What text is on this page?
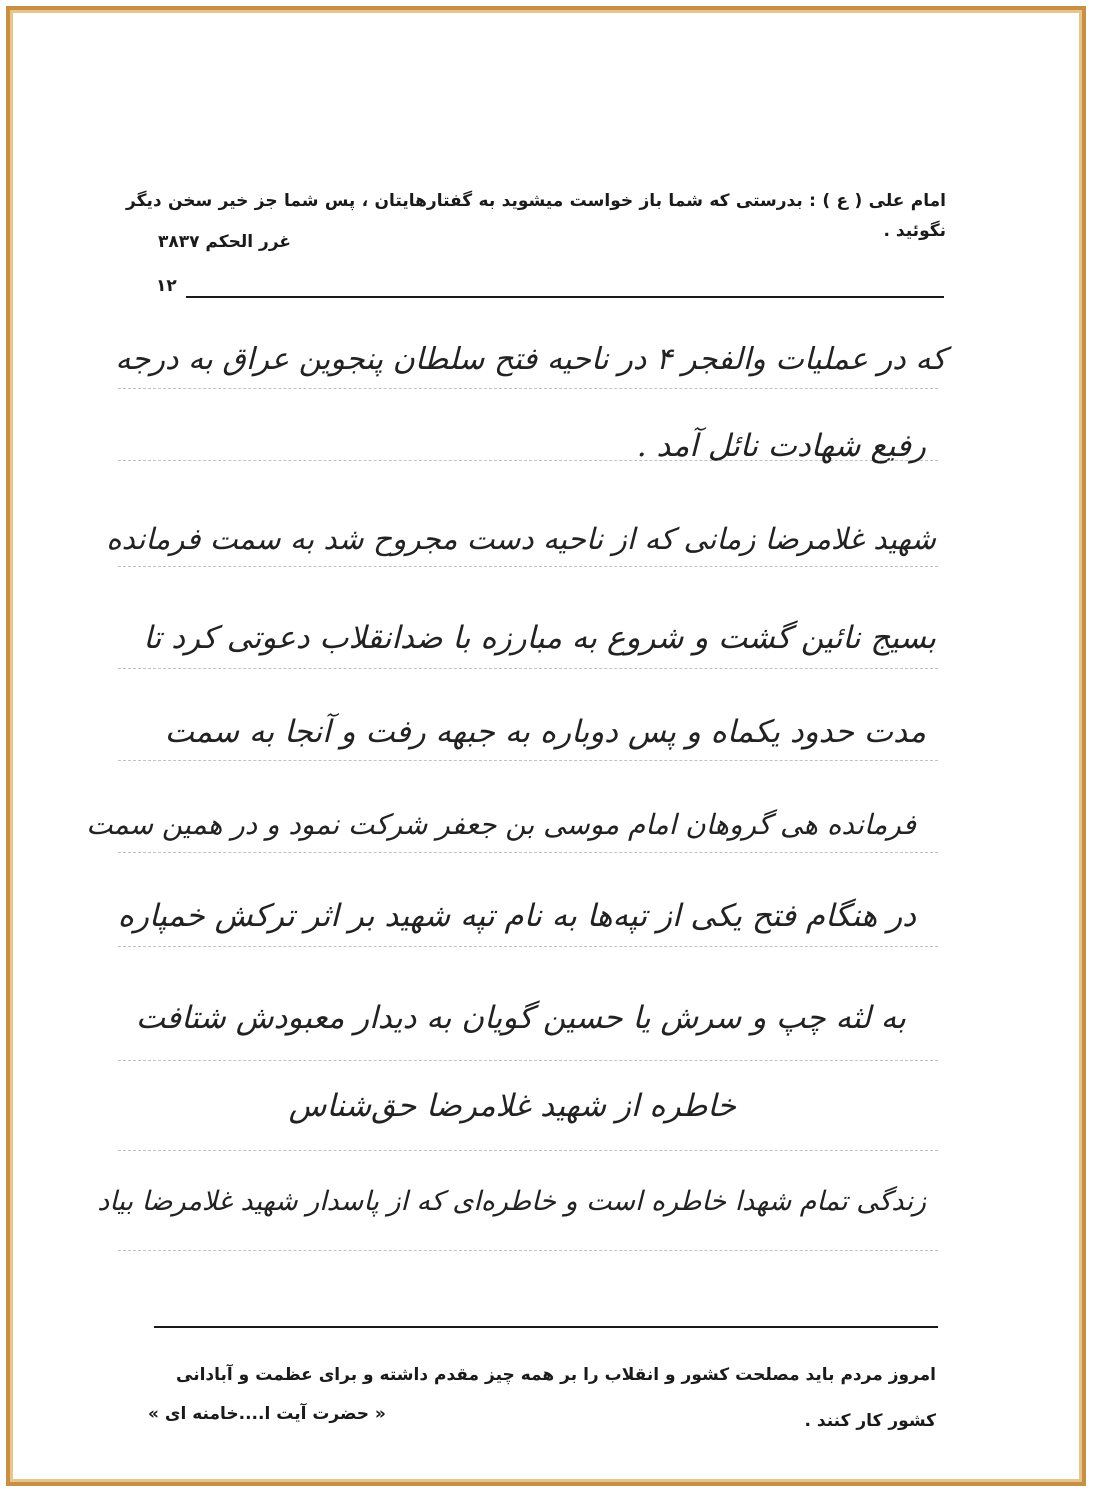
امام علی ( ع ) : بدرستی که شما باز خواست میشوید به گفتارهایتان ، پس شما جز خیر سخن دیگر نگوئید .
غرر الحکم ۳۸۳۷
۱۲
که در عملیات والفجر ۴ در ناحیه فتح سلطان پنجوین عراق به درجه
رفیع شهادت نائل آمد .
شهید غلامرضا زمانی که از ناحیه دست مجروح شد به سمت فرمانده
بسیج نائین گشت و شروع به مبارزه با ضدانقلاب دعوتی کرد تا
مدت حدود یکماه و پس دوباره به جبهه رفت و آنجا به سمت
فرمانده هی گروهان امام موسی بن جعفر شرکت نمود و در همین سمت
در هنگام فتح یکی از تپه‌ها به نام تپه شهید بر اثر ترکش خمپاره
به لثه چپ و سرش یا حسین گویان به دیدار معبودش شتافت
خاطره از شهید غلامرضا حق‌شناس
زندگی تمام شهدا خاطره است و خاطره‌ای که از پاسدار شهید غلامرضا بیاد
امروز مردم باید مصلحت کشور و انقلاب را بر همه چیز مقدم داشته و برای عظمت و آبادانی کشور کار کنند .
« حضرت آیت ا....خامنه ای »
